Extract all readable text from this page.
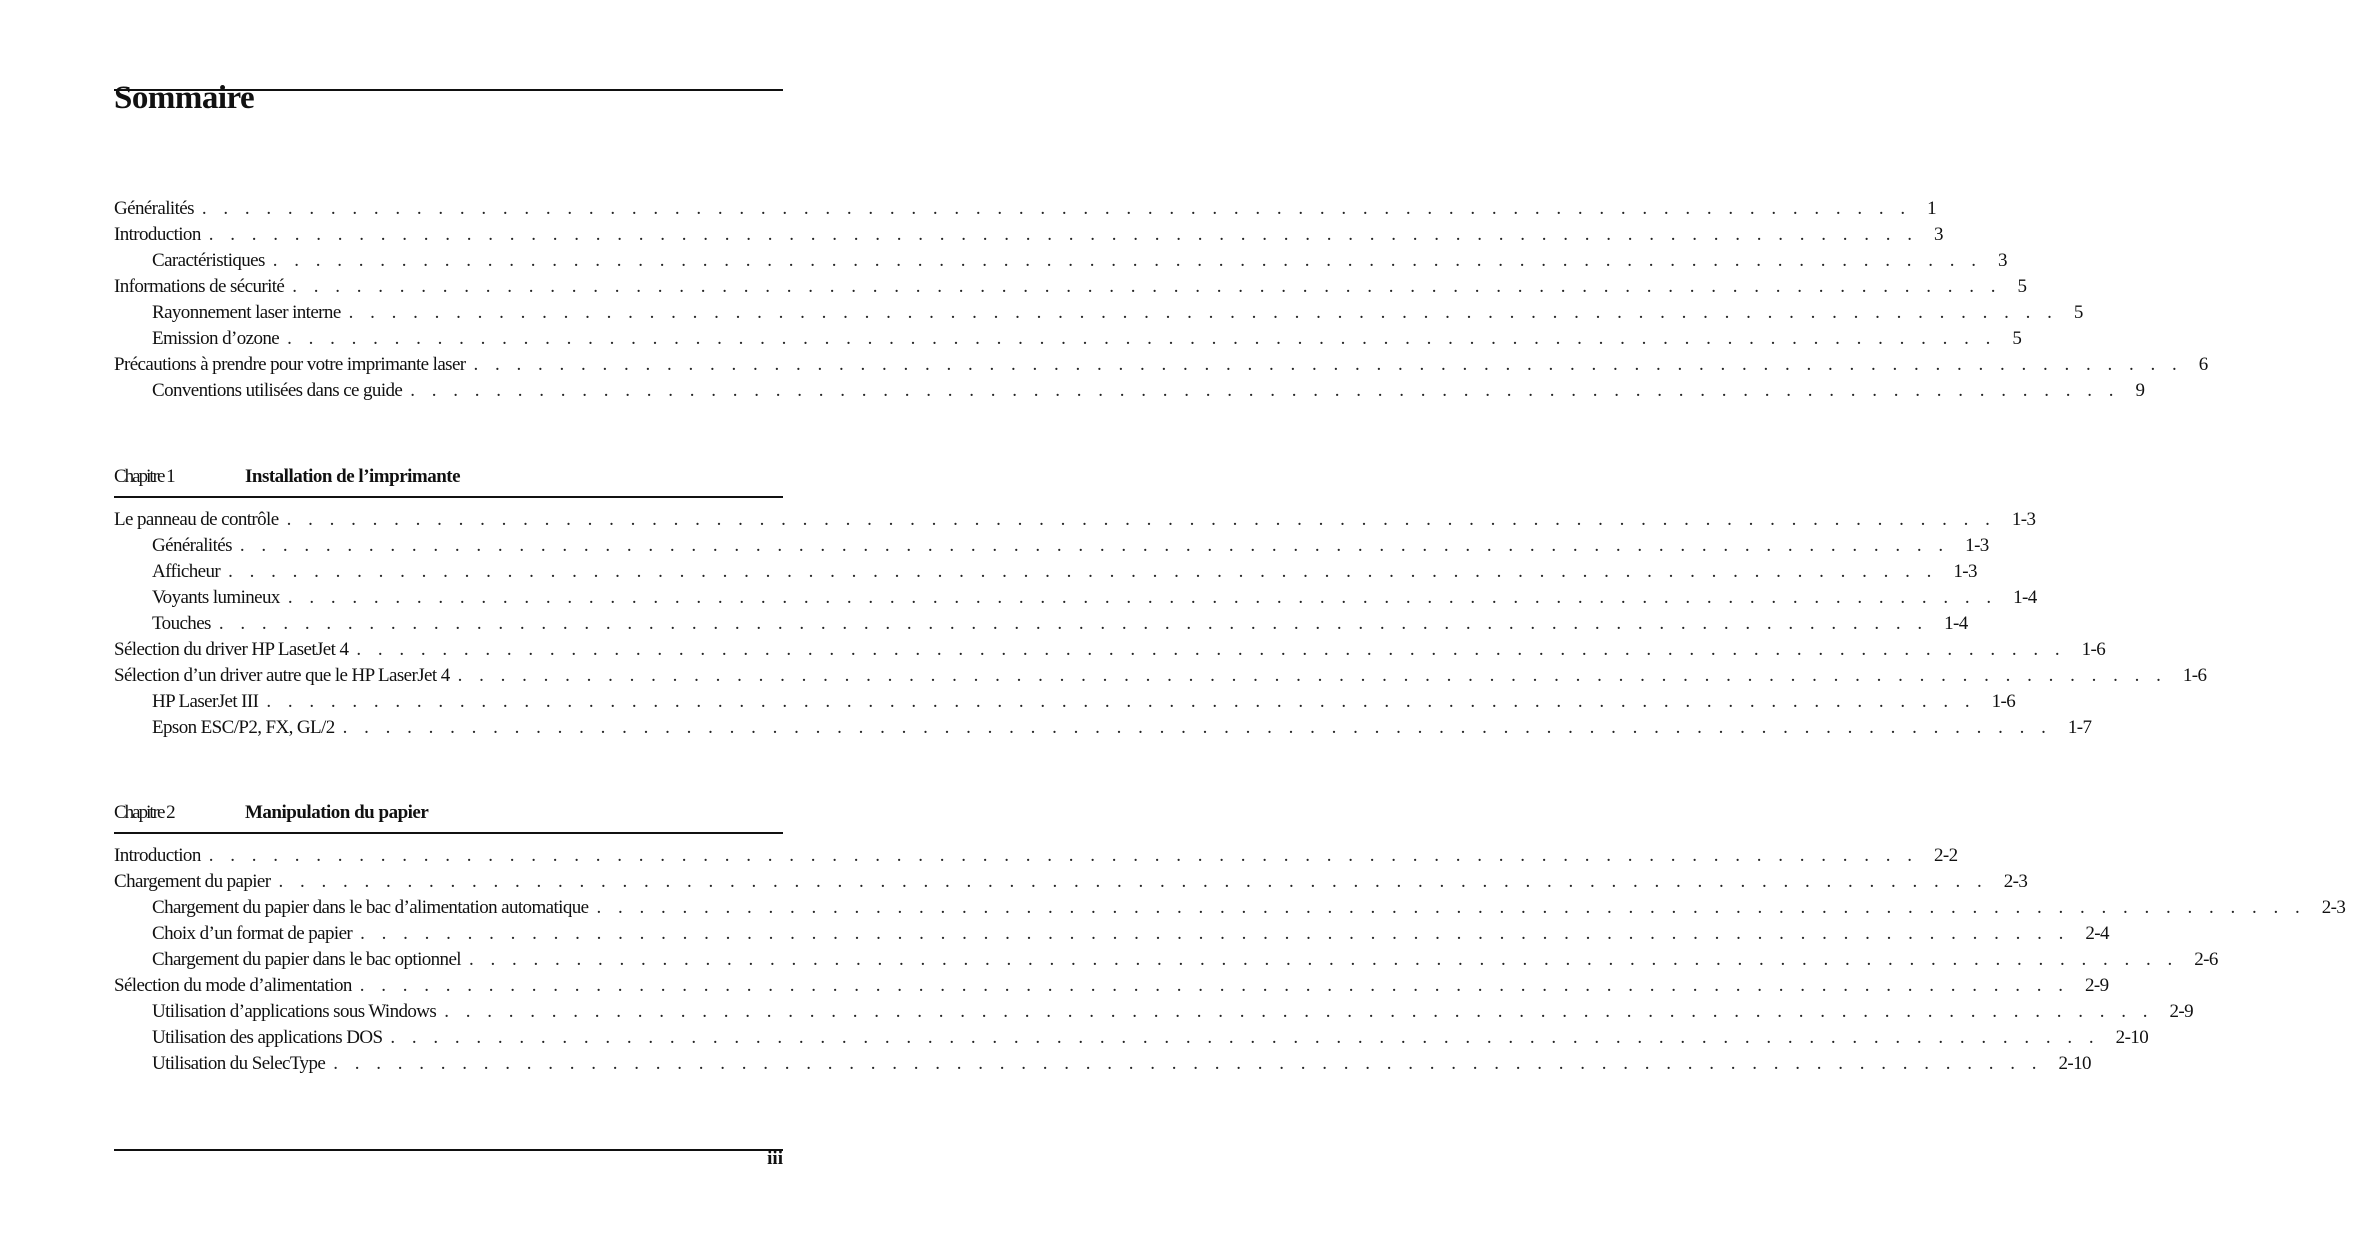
Sommaire
Généralités . . . . . . . . . . . . . . . . . . . . . . . . . . . . . . . . . . . . . . . . . . . . . . . . . . . . . . . . . . . . . . . . . . . . . . . . . . . . . . . . 1
Introduction . . . . . . . . . . . . . . . . . . . . . . . . . . . . . . . . . . . . . . . . . . . . . . . . . . . . . . . . . . . . . . . . . . . . . . . . . . . . . . . . 3
Caractéristiques . . . . . . . . . . . . . . . . . . . . . . . . . . . . . . . . . . . . . . . . . . . . . . . . . . . . . . . . . . . . . . . . . . . . . . . . . . . . . . . . 3
Informations de sécurité . . . . . . . . . . . . . . . . . . . . . . . . . . . . . . . . . . . . . . . . . . . . . . . . . . . . . . . . . . . . . . . . . . . . . . . . . . . . . . . . 5
Rayonnement laser interne . . . . . . . . . . . . . . . . . . . . . . . . . . . . . . . . . . . . . . . . . . . . . . . . . . . . . . . . . . . . . . . . . . . . . . . . . . . . . . . . 5
Emission d’ozone . . . . . . . . . . . . . . . . . . . . . . . . . . . . . . . . . . . . . . . . . . . . . . . . . . . . . . . . . . . . . . . . . . . . . . . . . . . . . . . . 5
Précautions à prendre pour votre imprimante laser . . . . . . . . . . . . . . . . . . . . . . . . . . . . . . . . . . . . . . . . . . . . . . . . . . . . . . . . . . . . . . . . . . . . . . . . . . . . . . . . 6
Conventions utilisées dans ce guide . . . . . . . . . . . . . . . . . . . . . . . . . . . . . . . . . . . . . . . . . . . . . . . . . . . . . . . . . . . . . . . . . . . . . . . . . . . . . . . . 9
Chapitre 1	Installation de l’imprimante
Le panneau de contrôle . . . . . . . . . . . . . . . . . . . . . . . . . . . . . . . . . . . . . . . . . . . . . . . . . . . . . . . . . . . . . . . . . . . . . . . . . . . . . . . . 1-3
Généralités . . . . . . . . . . . . . . . . . . . . . . . . . . . . . . . . . . . . . . . . . . . . . . . . . . . . . . . . . . . . . . . . . . . . . . . . . . . . . . . . 1-3
Afficheur . . . . . . . . . . . . . . . . . . . . . . . . . . . . . . . . . . . . . . . . . . . . . . . . . . . . . . . . . . . . . . . . . . . . . . . . . . . . . . . . 1-3
Voyants lumineux . . . . . . . . . . . . . . . . . . . . . . . . . . . . . . . . . . . . . . . . . . . . . . . . . . . . . . . . . . . . . . . . . . . . . . . . . . . . . . . . 1-4
Touches . . . . . . . . . . . . . . . . . . . . . . . . . . . . . . . . . . . . . . . . . . . . . . . . . . . . . . . . . . . . . . . . . . . . . . . . . . . . . . . . 1-4
Sélection du driver HP LasetJet 4 . . . . . . . . . . . . . . . . . . . . . . . . . . . . . . . . . . . . . . . . . . . . . . . . . . . . . . . . . . . . . . . . . . . . . . . . . . . . . . . . 1-6
Sélection d’un driver autre que le HP LaserJet 4 . . . . . . . . . . . . . . . . . . . . . . . . . . . . . . . . . . . . . . . . . . . . . . . . . . . . . . . . . . . . . . . . . . . . . . . . . . . . . . . . 1-6
HP LaserJet III . . . . . . . . . . . . . . . . . . . . . . . . . . . . . . . . . . . . . . . . . . . . . . . . . . . . . . . . . . . . . . . . . . . . . . . . . . . . . . . . 1-6
Epson ESC/P2, FX, GL/2 . . . . . . . . . . . . . . . . . . . . . . . . . . . . . . . . . . . . . . . . . . . . . . . . . . . . . . . . . . . . . . . . . . . . . . . . . . . . . . . . 1-7
Chapitre 2	Manipulation du papier
Introduction . . . . . . . . . . . . . . . . . . . . . . . . . . . . . . . . . . . . . . . . . . . . . . . . . . . . . . . . . . . . . . . . . . . . . . . . . . . . . . . . 2-2
Chargement du papier . . . . . . . . . . . . . . . . . . . . . . . . . . . . . . . . . . . . . . . . . . . . . . . . . . . . . . . . . . . . . . . . . . . . . . . . . . . . . . . . 2-3
Chargement du papier dans le bac d’alimentation automatique . . . . . . . . . . . . . . . . . . . . . . . . . . . . . . . . . . . . . . . . . . . . . . . . . . . . . . . . . . . . . . . . . . . . . . . . . . . . . . . . 2-3
Choix d’un format de papier . . . . . . . . . . . . . . . . . . . . . . . . . . . . . . . . . . . . . . . . . . . . . . . . . . . . . . . . . . . . . . . . . . . . . . . . . . . . . . . . 2-4
Chargement du papier dans le bac optionnel . . . . . . . . . . . . . . . . . . . . . . . . . . . . . . . . . . . . . . . . . . . . . . . . . . . . . . . . . . . . . . . . . . . . . . . . . . . . . . . . 2-6
Sélection du mode d’alimentation . . . . . . . . . . . . . . . . . . . . . . . . . . . . . . . . . . . . . . . . . . . . . . . . . . . . . . . . . . . . . . . . . . . . . . . . . . . . . . . . 2-9
Utilisation d’applications sous Windows . . . . . . . . . . . . . . . . . . . . . . . . . . . . . . . . . . . . . . . . . . . . . . . . . . . . . . . . . . . . . . . . . . . . . . . . . . . . . . . . 2-9
Utilisation des applications DOS . . . . . . . . . . . . . . . . . . . . . . . . . . . . . . . . . . . . . . . . . . . . . . . . . . . . . . . . . . . . . . . . . . . . . . . . . . . . . . . . 2-10
Utilisation du SelecType . . . . . . . . . . . . . . . . . . . . . . . . . . . . . . . . . . . . . . . . . . . . . . . . . . . . . . . . . . . . . . . . . . . . . . . . . . . . . . . . 2-10
iii
